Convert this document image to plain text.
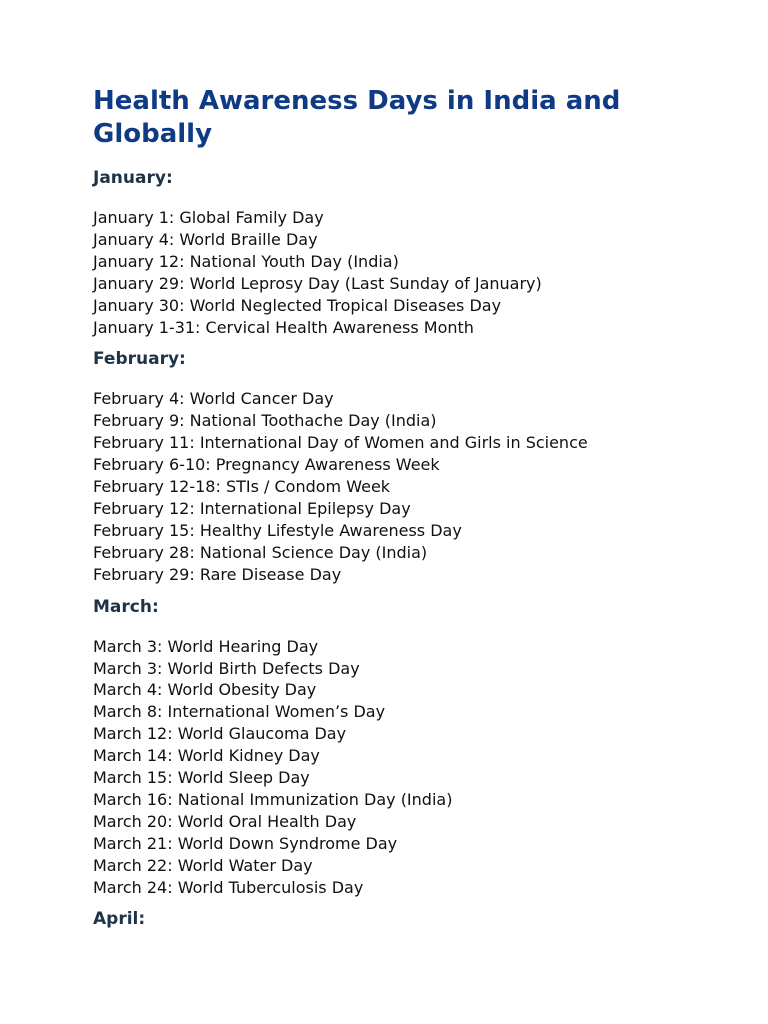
Health Awareness Days in India and Globally
January:
January 1: Global Family Day
January 4: World Braille Day
January 12: National Youth Day (India)
January 29: World Leprosy Day (Last Sunday of January)
January 30: World Neglected Tropical Diseases Day
January 1-31: Cervical Health Awareness Month
February:
February 4: World Cancer Day
February 9: National Toothache Day (India)
February 11: International Day of Women and Girls in Science
February 6-10: Pregnancy Awareness Week
February 12-18: STIs / Condom Week
February 12: International Epilepsy Day
February 15: Healthy Lifestyle Awareness Day
February 28: National Science Day (India)
February 29: Rare Disease Day
March:
March 3: World Hearing Day
March 3: World Birth Defects Day
March 4: World Obesity Day
March 8: International Women’s Day
March 12: World Glaucoma Day
March 14: World Kidney Day
March 15: World Sleep Day
March 16: National Immunization Day (India)
March 20: World Oral Health Day
March 21: World Down Syndrome Day
March 22: World Water Day
March 24: World Tuberculosis Day
April:
